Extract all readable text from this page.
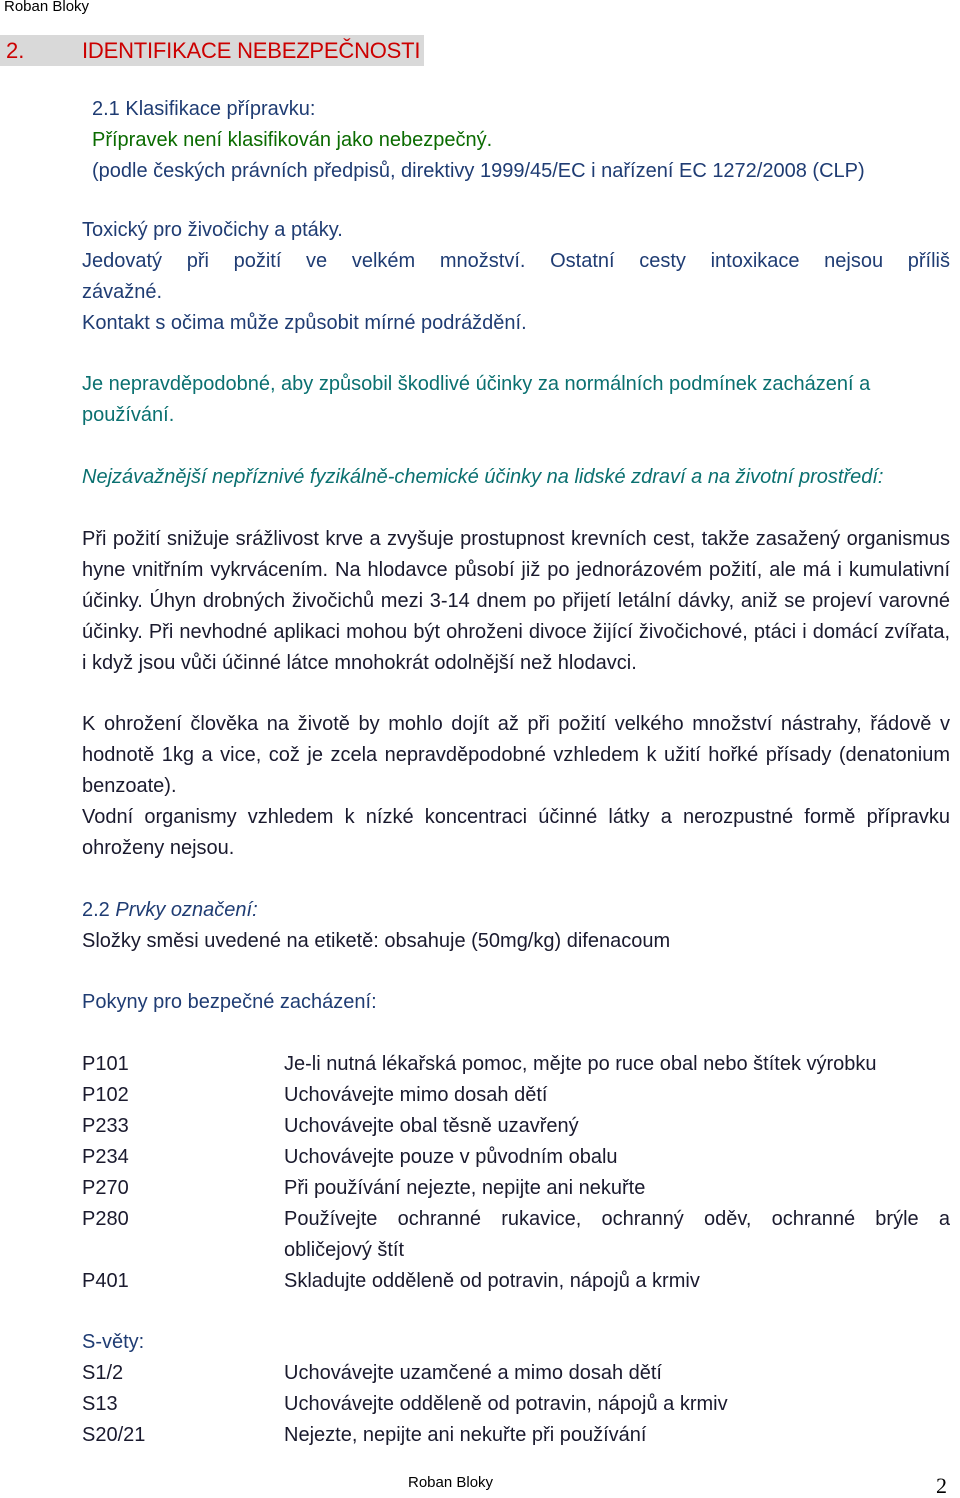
Roban Bloky
2.	IDENTIFIKACE NEBEZPEČNOSTI
2.1 Klasifikace přípravku:
Přípravek není klasifikován jako nebezpečný.
(podle českých právních předpisů, direktivy 1999/45/EC i nařízení EC 1272/2008 (CLP)
Toxický pro živočichy a ptáky.
Jedovatý při požití ve velkém množství. Ostatní cesty intoxikace nejsou příliš
závažné.
Kontakt s očima může způsobit mírné podráždění.
Je nepravděpodobné, aby způsobil škodlivé účinky za normálních podmínek zacházení a používání.
Nejzávažnější nepříznivé fyzikálně-chemické účinky na lidské zdraví a na životní prostředí:

Při požití snižuje srážlivost krve a zvyšuje prostupnost krevních cest, takže zasažený organismus hyne vnitřním vykrvácením. Na hlodavce působí již po jednorázovém požití, ale má i kumulativní účinky. Úhyn drobných živočichů mezi 3-14 dnem po přijetí letální dávky, aniž se projeví varovné účinky. Při nevhodné aplikaci mohou být ohroženi divoce žijící živočichové, ptáci i domácí zvířata, i když jsou vůči účinné látce mnohokrát odolnější než hlodavci.

K ohrožení člověka na životě by mohlo dojít až při požití velkého množství nástrahy, řádově v hodnotě 1kg a vice, což je zcela nepravděpodobné vzhledem k užití hořké přísady (denatonium benzoate).

Vodní organismy vzhledem k nízké koncentraci účinné látky a nerozpustné formě přípravku ohroženy nejsou.

2.2 Prvky označení:
Složky směsi uvedené na etiketě: obsahuje (50mg/kg) difenacoum
Pokyny pro bezpečné zacházení:
P101	Je-li nutná lékařská pomoc, mějte po ruce obal nebo štítek výrobku
P102	Uchovávejte mimo dosah dětí
P233	Uchovávejte obal těsně uzavřený
P234	Uchovávejte pouze v původním obalu
P270	Při používání nejezte, nepijte ani nekuřte
P280	Používejte ochranné rukavice, ochranný oděv, ochranné brýle a
obličejový štít
P401	Skladujte odděleně od potravin, nápojů a krmiv
S-věty:
S1/2	Uchovávejte uzamčené a mimo dosah dětí
S13	Uchovávejte odděleně od potravin, nápojů a krmiv
S20/21	Nejezte, nepijte ani nekuřte při používání
Roban Bloky	2
